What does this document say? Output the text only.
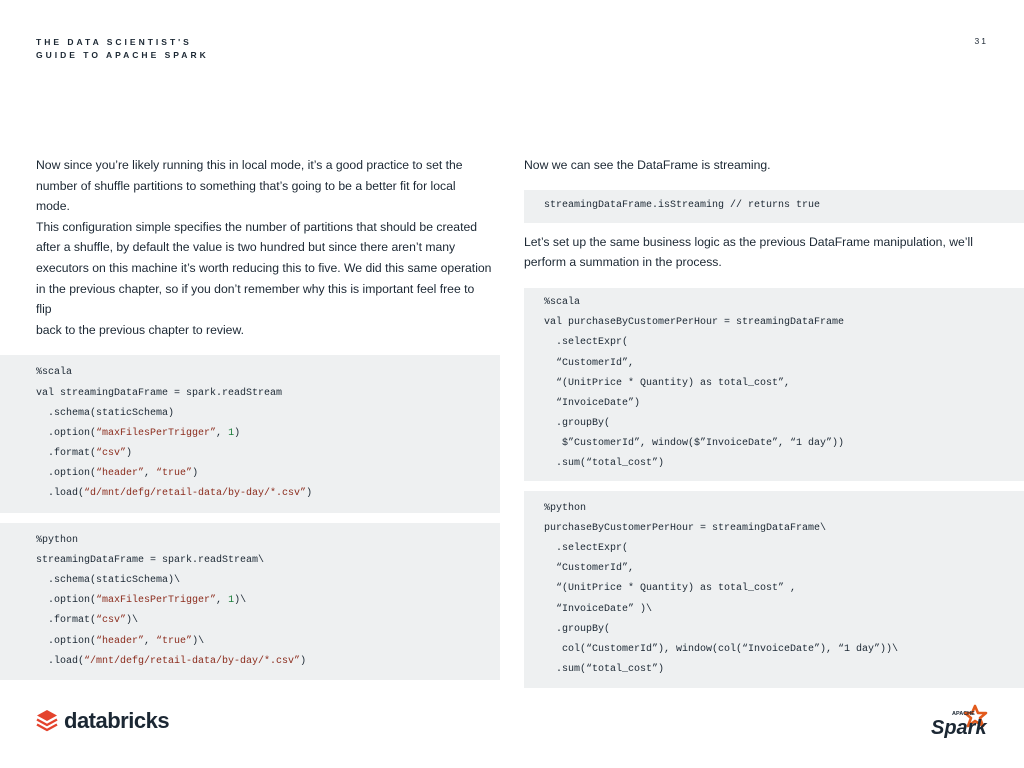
THE DATA SCIENTIST'S
GUIDE TO APACHE SPARK
31
Now since you’re likely running this in local mode, it’s a good practice to set the
number of shuffle partitions to something that’s going to be a better fit for local mode.
This configuration simple specifies the number of partitions that should be created
after a shuffle, by default the value is two hundred but since there aren’t many
executors on this machine it’s worth reducing this to five. We did this same operation
in the previous chapter, so if you don’t remember why this is important feel free to flip
back to the previous chapter to review.
%scala
val streamingDataFrame = spark.readStream
.schema(staticSchema)
.option(“maxFilesPerTrigger”, 1)
.format(“csv”)
.option(“header”, “true”)
.load(“d/mnt/defg/retail-data/by-day/*.csv”)
%python
streamingDataFrame = spark.readStream\
.schema(staticSchema)\
.option(“maxFilesPerTrigger”, 1)\
.format(“csv”)\
.option(“header”, “true”)\
.load(“/mnt/defg/retail-data/by-day/*.csv”)
Now we can see the DataFrame is streaming.
streamingDataFrame.isStreaming // returns true
Let’s set up the same business logic as the previous DataFrame manipulation, we’ll
perform a summation in the process.
%scala
val purchaseByCustomerPerHour = streamingDataFrame
.selectExpr(
“CustomerId”,
“(UnitPrice * Quantity) as total_cost”,
“InvoiceDate”)
.groupBy(
$”CustomerId”, window($”InvoiceDate”, “1 day”))
.sum(“total_cost”)
%python
purchaseByCustomerPerHour = streamingDataFrame\
.selectExpr(
“CustomerId”,
“(UnitPrice * Quantity) as total_cost” ,
“InvoiceDate” )\
.groupBy(
col(“CustomerId”), window(col(“InvoiceDate”), “1 day”))\
.sum(“total_cost”)
databricks	APACHE
Spark
